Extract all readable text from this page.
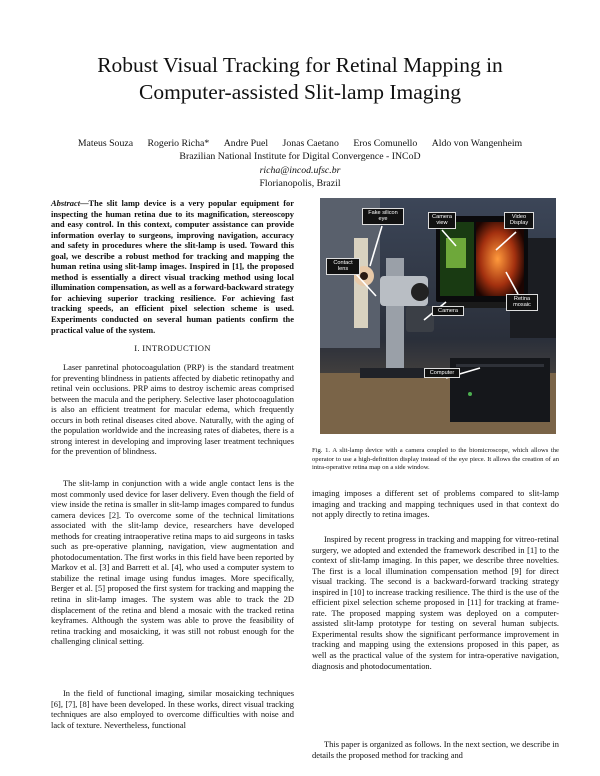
Robust Visual Tracking for Retinal Mapping in
Computer-assisted Slit-lamp Imaging
Mateus Souza Rogerio Richa* Andre Puel Jonas Caetano Eros Comunello Aldo von Wangenheim
Brazilian National Institute for Digital Convergence - INCoD
richa@incod.ufsc.br
Florianopolis, Brazil
Abstract—The slit lamp device is a very popular equipment for inspecting the human retina due to its magnification, stereoscopy and easy control. In this context, computer assistance can provide information overlay to surgeons, improving navigation, accuracy and safety in procedures where the slit-lamp is used. Toward this goal, we describe a robust method for tracking and mapping the human retina using slit-lamp images. Inspired in [1], the proposed method is essentially a direct visual tracking method using local illumination compensation, as well as a forward-backward strategy for achieving superior tracking resilience. For achieving fast tracking speeds, an efficient pixel selection scheme is used. Experiments conducted on several human patients confirm the practical value of the system.
I. INTRODUCTION
Laser panretinal photocoagulation (PRP) is the standard treatment for preventing blindness in patients affected by diabetic retinopathy and retinal vein occlusions. PRP aims to destroy ischemic areas comprised between the macula and the periphery. Selective laser photocoagulation is also an efficient treatment for macular edema, which frequently occurs in both retinal diseases cited above. Naturally, with the aging of the population worldwide and the increasing rates of diabetes, there is a strong interest in developing and improving laser treatment techniques for the prevention of blindness.
The slit-lamp in conjunction with a wide angle contact lens is the most commonly used device for laser delivery. Even though the field of view inside the retina is smaller in slit-lamp images compared to fundus camera devices [2]. To overcome some of the technical limitations associated with the slit-lamp device, researchers have developed methods for creating intraoperative retina maps to aid surgeons in tasks such as pre-operative planning, navigation, view augmentation and photodocumentation. The first works in this field have been reported by Markov et al. [3] and Barrett et al. [4], who used a computer system to stabilize the retinal image using fundus images. More specifically, Berger et al. [5] proposed the first system for tracking and mapping the retina in slit-lamp images. The system was able to track the 2D displacement of the retina and blend a mosaic with the tracked retina keyframes. Although the system was able to prove the feasibility of retina tracking and mosaicking, it was still not robust enough for the challenging clinical setting.
In the field of functional imaging, similar mosaicking techniques [6], [7], [8] have been developed. In these works, direct visual tracking techniques are also employed to overcome difficulties with noise and lack of texture. Nevertheless, functional
Fake silicon eye	Camera view
Video Display
Contact lens
Retina mosaic
Camera
Computer
Fig. 1. A slit-lamp device with a camera coupled to the biomicroscope, which allows the operator to use a high-definition display instead of the eye piece. It allows the creation of an intra-operative retina map on a side window.
imaging imposes a different set of problems compared to slit-lamp imaging and tracking and mapping techniques used in that context do not apply directly to retina images.
Inspired by recent progress in tracking and mapping for vitreo-retinal surgery, we adopted and extended the framework described in [1] to the context of slit-lamp imaging. In this paper, we describe three novelties. The first is a local illumination compensation method [9] for direct visual tracking. The second is a backward-forward tracking strategy inspired in [10] to increase tracking resilience. The third is the use of the efficient pixel selection scheme proposed in [11] for tracking at frame-rate. The proposed mapping system was deployed on a computer-assisted slit-lamp prototype for testing on several human subjects. Experimental results show the significant performance improvement in tracking and mapping using the extensions proposed in this paper, as well as the practical value of the system for intra-operative navigation, diagnosis and photodocumentation.
This paper is organized as follows. In the next section, we describe in details the proposed method for tracking and
